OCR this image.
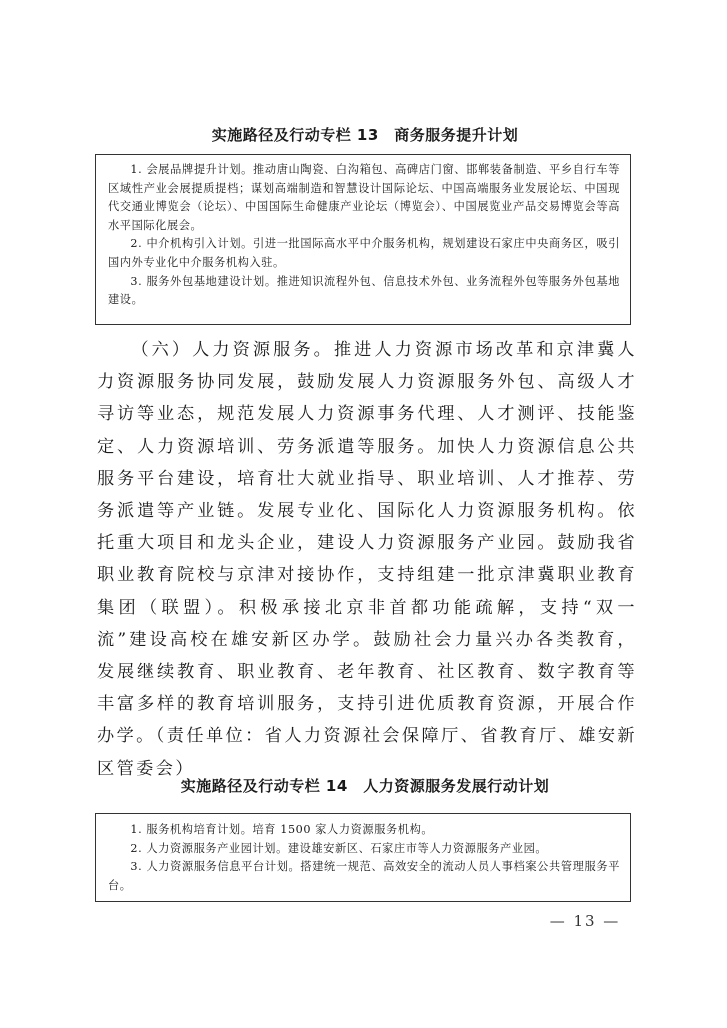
实施路径及行动专栏 13　商务服务提升计划

1. 会展品牌提升计划。推动唐山陶瓷、白沟箱包、高碑店门窗、邯郸装备制造、平乡自行车等区域性产业会展提质提档；谋划高端制造和智慧设计国际论坛、中国高端服务业发展论坛、中国现代交通业博览会（论坛）、中国国际生命健康产业论坛（博览会）、中国展览业产品交易博览会等高水平国际化展会。

2. 中介机构引入计划。引进一批国际高水平中介服务机构，规划建设石家庄中央商务区，吸引国内外专业化中介服务机构入驻。

3. 服务外包基地建设计划。推进知识流程外包、信息技术外包、业务流程外包等服务外包基地建设。

（六）人力资源服务。推进人力资源市场改革和京津冀人力资源服务协同发展，鼓励发展人力资源服务外包、高级人才寻访等业态，规范发展人力资源事务代理、人才测评、技能鉴定、人力资源培训、劳务派遣等服务。加快人力资源信息公共服务平台建设，培育壮大就业指导、职业培训、人才推荐、劳务派遣等产业链。发展专业化、国际化人力资源服务机构。依托重大项目和龙头企业，建设人力资源服务产业园。鼓励我省职业教育院校与京津对接协作，支持组建一批京津冀职业教育集团（联盟）。积极承接北京非首都功能疏解，支持“双一流”建设高校在雄安新区办学。鼓励社会力量兴办各类教育，发展继续教育、职业教育、老年教育、社区教育、数字教育等丰富多样的教育培训服务，支持引进优质教育资源，开展合作办学。（责任单位：省人力资源社会保障厅、省教育厅、雄安新区管委会）

实施路径及行动专栏 14　人力资源服务发展行动计划

1. 服务机构培育计划。培育 1500 家人力资源服务机构。

2. 人力资源服务产业园计划。建设雄安新区、石家庄市等人力资源服务产业园。

3. 人力资源服务信息平台计划。搭建统一规范、高效安全的流动人员人事档案公共管理服务平台。

— 13 —
